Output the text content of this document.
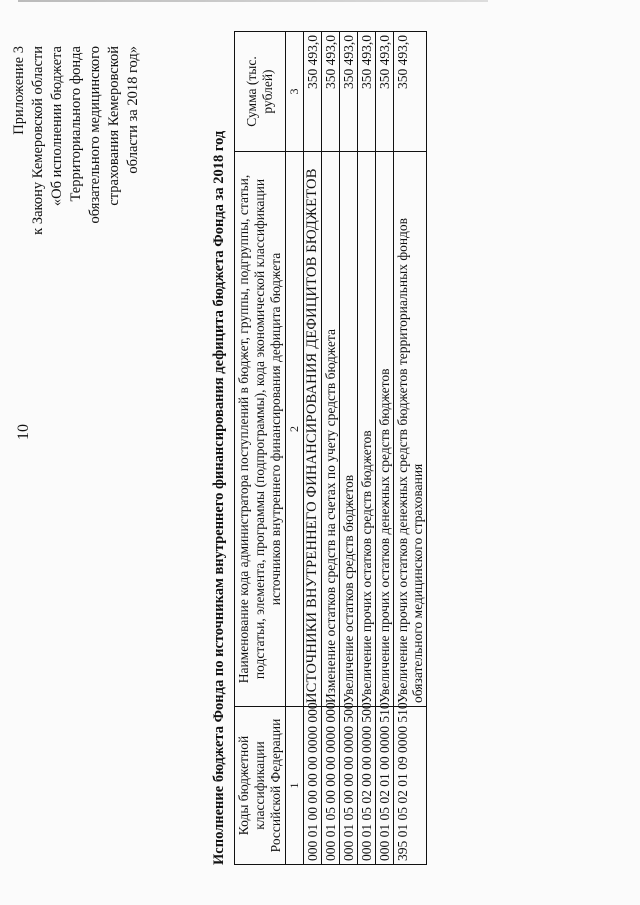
10
Приложение 3 к Закону Кемеровской области «Об исполнении бюджета Территориального фонда обязательного медицинского страхования Кемеровской области за 2018 год»
Исполнение бюджета Фонда по источникам внутреннего финансирования дефицита бюджета Фонда за 2018 год Коды бюджетной классификации Российской Федерации	Наименование кода администратора поступлений в бюджет, группы, подгруппы, статьи, подстатьи, элемента, программы (подпрограммы), кода экономической классификации источников внутреннего финансирования дефицита бюджета	Сумма (тыс. рублей)
1	2	3
000 01 00 00 00 00 0000 000	ИСТОЧНИКИ ВНУТРЕННЕГО ФИНАНСИРОВАНИЯ ДЕФИЦИТОВ БЮДЖЕТОВ	350 493,0
000 01 05 00 00 00 0000 000	Изменение остатков средств на счетах по учету средств бюджета	350 493,0
000 01 05 00 00 00 0000 500	Увеличение остатков средств бюджетов	350 493,0
000 01 05 02 00 00 0000 500	Увеличение прочих остатков средств бюджетов	350 493,0
000 01 05 02 01 00 0000 510	Увеличение прочих остатков денежных средств бюджетов	350 493,0
395 01 05 02 01 09 0000 510	Увеличение прочих остатков денежных средств бюджетов территориальных фондов обязательного медицинского страхования	350 493,0
